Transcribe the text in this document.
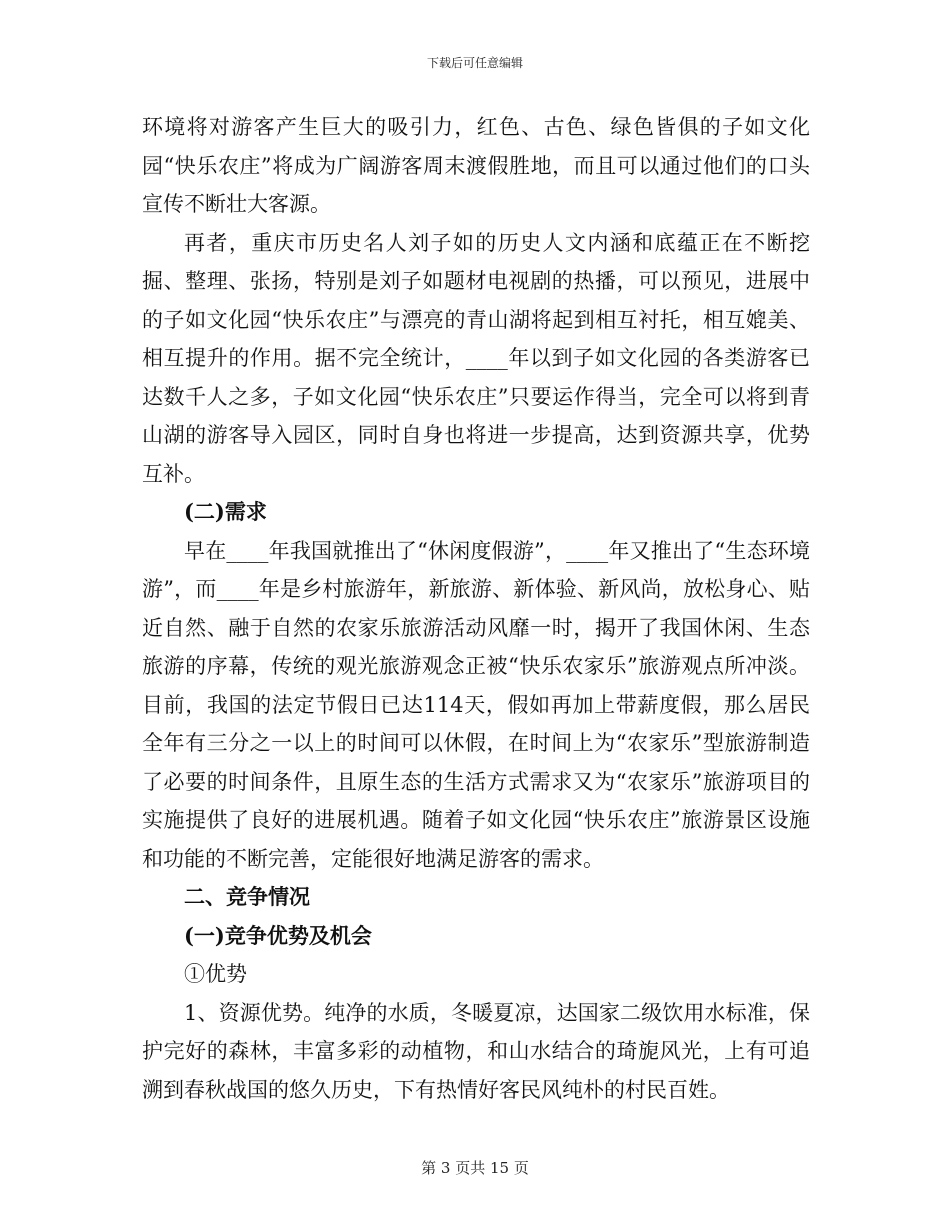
下载后可任意编辑

环境将对游客产生巨大的吸引力，红色、古色、绿色皆俱的子如文化园“快乐农庄”将成为广阔游客周末渡假胜地，而且可以通过他们的口头宣传不断壮大客源。

再者，重庆市历史名人刘子如的历史人文内涵和底蕴正在不断挖掘、整理、张扬，特别是刘子如题材电视剧的热播，可以预见，进展中的子如文化园“快乐农庄”与漂亮的青山湖将起到相互衬托，相互媲美、相互提升的作用。据不完全统计，____年以到子如文化园的各类游客已达数千人之多，子如文化园“快乐农庄”只要运作得当，完全可以将到青山湖的游客导入园区，同时自身也将进一步提高，达到资源共享，优势互补。

(二)需求

早在____年我国就推出了“休闲度假游”，____年又推出了“生态环境游”，而____年是乡村旅游年，新旅游、新体验、新风尚，放松身心、贴近自然、融于自然的农家乐旅游活动风靡一时，揭开了我国休闲、生态旅游的序幕，传统的观光旅游观念正被“快乐农家乐”旅游观点所冲淡。目前，我国的法定节假日已达114天，假如再加上带薪度假，那么居民全年有三分之一以上的时间可以休假，在时间上为“农家乐”型旅游制造了必要的时间条件，且原生态的生活方式需求又为“农家乐”旅游项目的实施提供了良好的进展机遇。随着子如文化园“快乐农庄”旅游景区设施和功能的不断完善，定能很好地满足游客的需求。

二、竞争情况

(一)竞争优势及机会

①优势

1、资源优势。纯净的水质，冬暖夏凉，达国家二级饮用水标准，保护完好的森林，丰富多彩的动植物，和山水结合的琦旎风光，上有可追溯到春秋战国的悠久历史，下有热情好客民风纯朴的村民百姓。

第 3 页共 15 页
